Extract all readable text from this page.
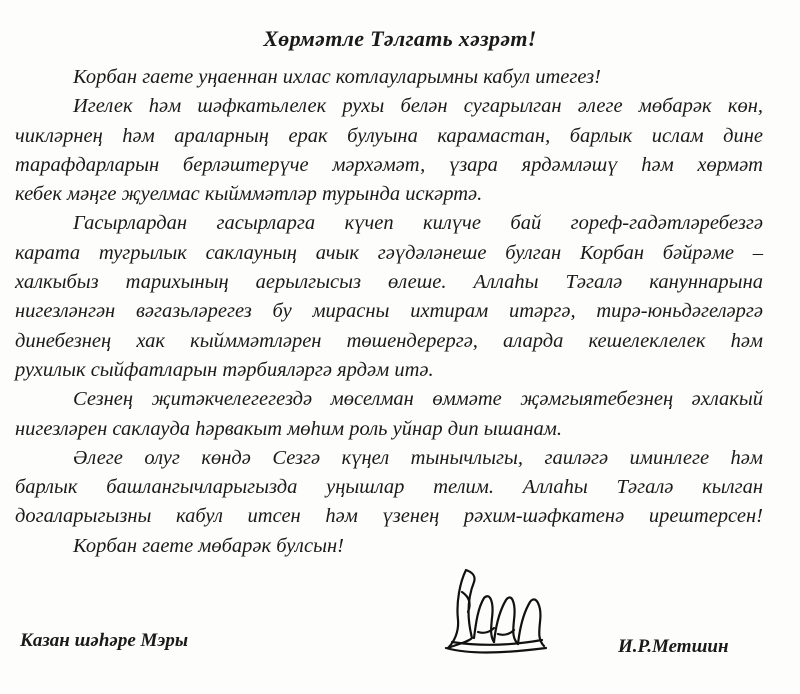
Хөрмәтле Тәлгать хәзрәт!
Корбан гаете уңаеннан ихлас котлауларымны кабул итегез!
Игелек һәм шәфкатьлелек рухы белән сугарылган әлеге мөбарәк көн,
чикләрнең һәм араларның ерак булуына карамастан, барлык ислам дине
тарафдарларын берләштерүче мәрхәмәт, үзара ярдәмләшү һәм хөрмәт
кебек мәңге җуелмас кыйммәтләр турында искәртә.
Гасырлардан гасырларга күчеп килүче бай гореф-гадәтләребезгә
карата тугрылык саклауның ачык гәүдәләнеше булган Корбан бәйрәме –
халкыбыз тарихының аерылгысыз өлеше. Аллаһы Тәгалә кануннарына
нигезләнгән вәгазьләрегез бу мирасны ихтирам итәргә, тирә-юньдәгеләргә
динебезнең хак кыйммәтләрен төшендерергә, аларда кешелеклелек һәм
рухилык сыйфатларын тәрбияләргә ярдәм итә.
Сезнең җитәкчелегегездә мөселман өммәте җәмгыятебезнең әхлакый
нигезләрен саклауда һәрвакыт мөһим роль уйнар дип ышанам.
Әлеге олуг көндә Сезгә күңел тынычлыгы, гаиләгә иминлеге һәм
барлык башлангычларыгызда уңышлар телим. Аллаһы Тәгалә кылган
догаларыгызны кабул итсен һәм үзенең рәхим-шәфкатенә ирештерсен!
Корбан гаете мөбарәк булсын!
Казан шәһәре Мэры	И.Р.Метшин
